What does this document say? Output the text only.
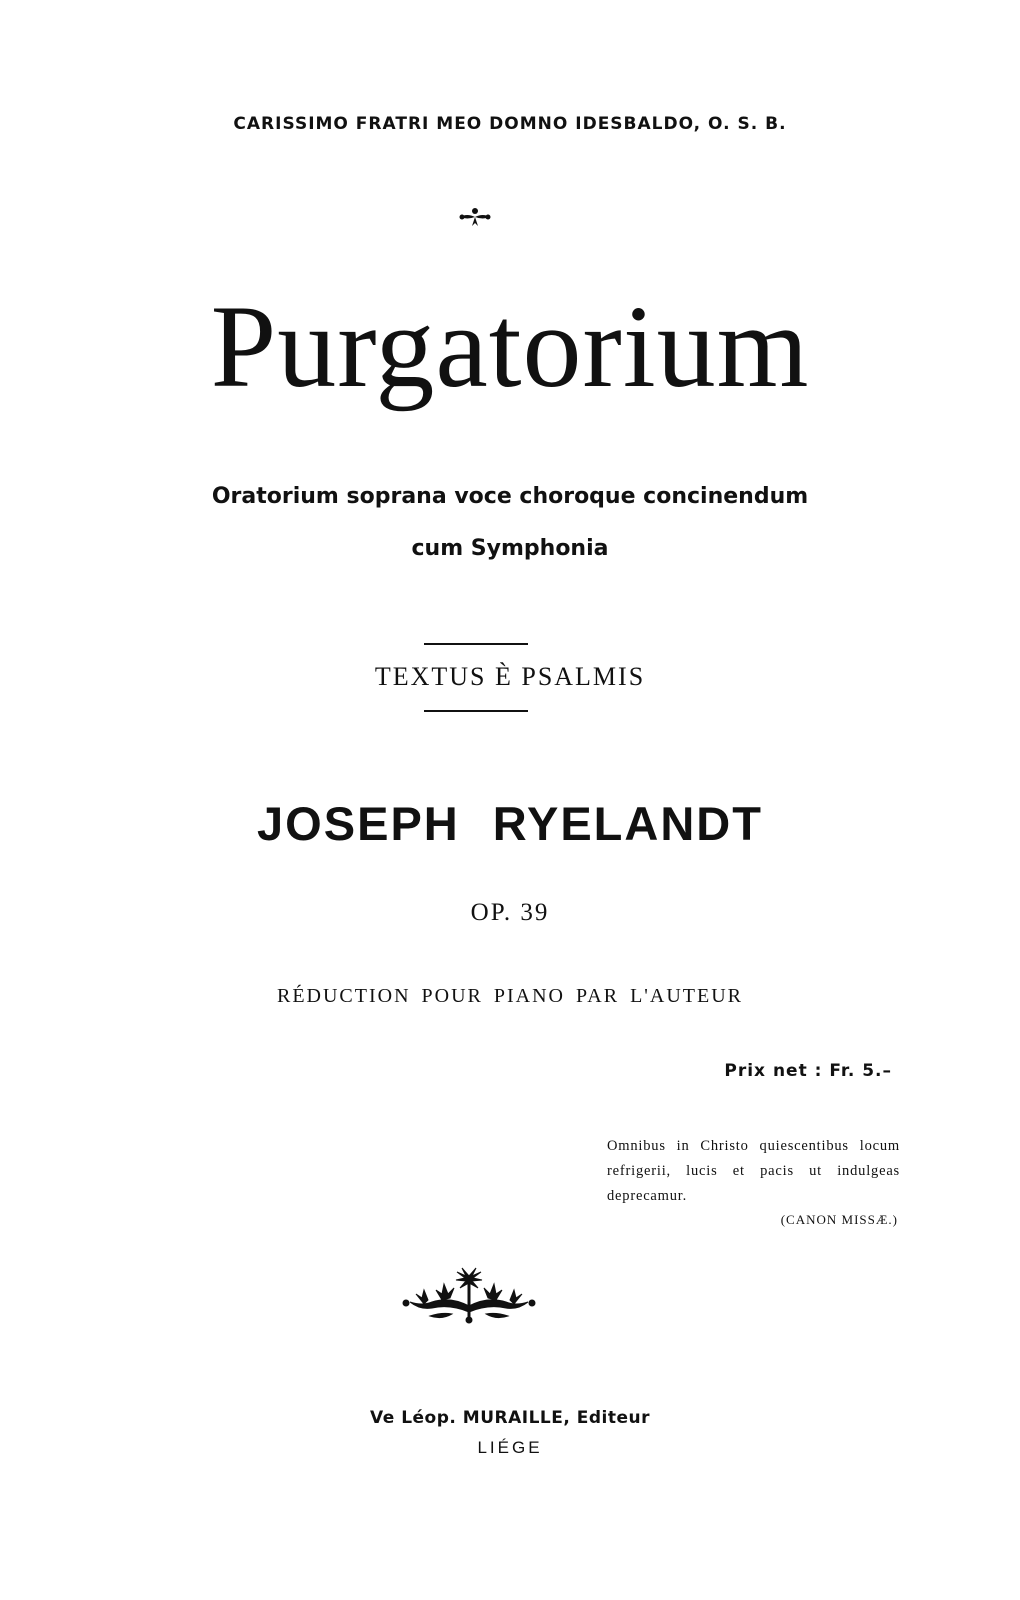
CARISSIMO FRATRI MEO DOMNO IDESBALDO, O. S. B.
Purgatorium
Oratorium soprana voce choroque concinendum
cum Symphonia
TEXTUS È PSALMIS
JOSEPH RYELANDT
OP. 39
RÉDUCTION POUR PIANO PAR L'AUTEUR
Prix net : Fr. 5.–
Omnibus in Christo quiescentibus locum refrigerii, lucis et pacis ut indulgeas deprecamur.
(CANON MISSÆ.)
Ve Léop. MURAILLE, Editeur
LIÉGE
